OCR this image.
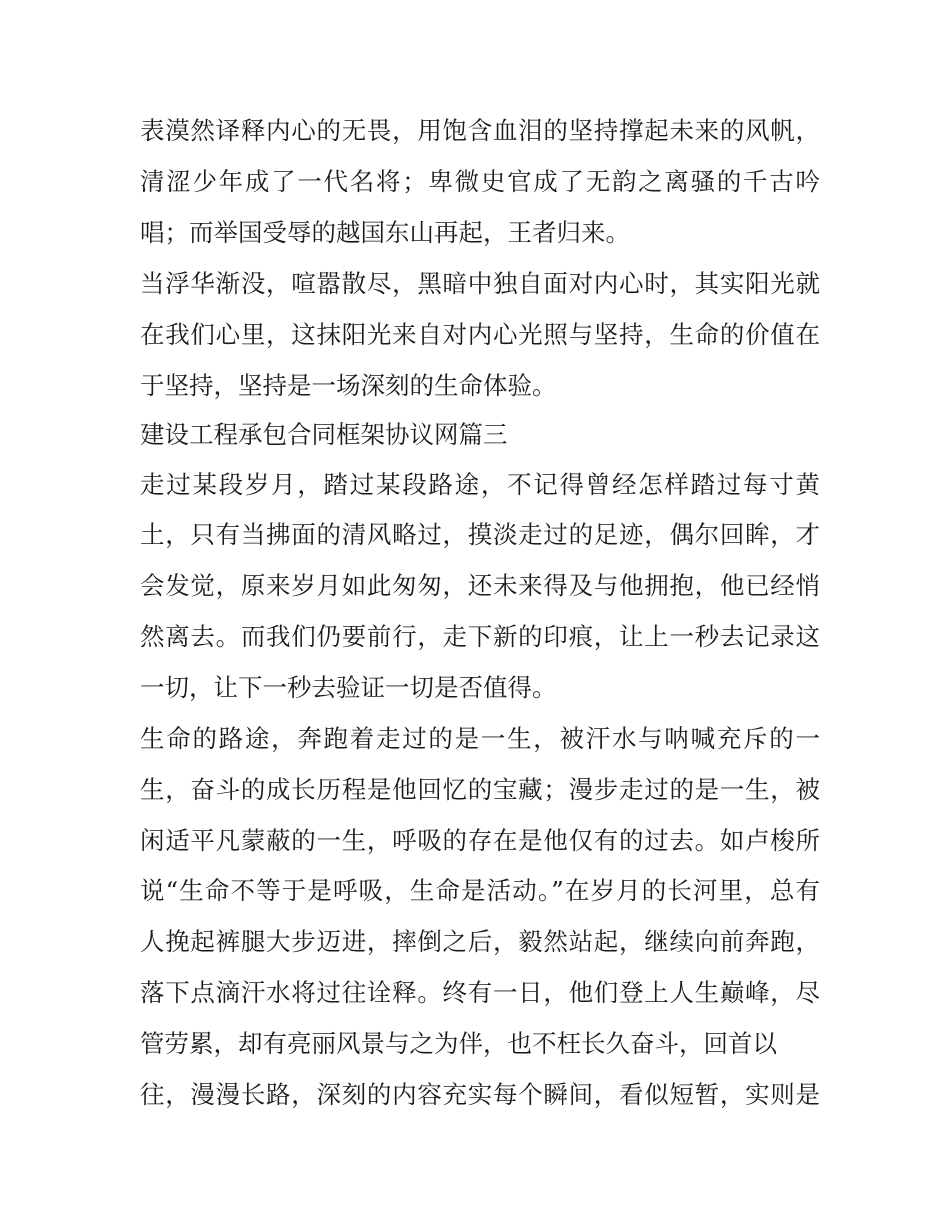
表漠然译释内心的无畏，用饱含血泪的坚持撑起未来的风帆，
清涩少年成了一代名将；卑微史官成了无韵之离骚的千古吟
唱；而举国受辱的越国东山再起，王者归来。
当浮华渐没，喧嚣散尽，黑暗中独自面对内心时，其实阳光就
在我们心里，这抹阳光来自对内心光照与坚持，生命的价值在
于坚持，坚持是一场深刻的生命体验。
建设工程承包合同框架协议网篇三
走过某段岁月，踏过某段路途，不记得曾经怎样踏过每寸黄
土，只有当拂面的清风略过，摸淡走过的足迹，偶尔回眸，才
会发觉，原来岁月如此匆匆，还未来得及与他拥抱，他已经悄
然离去。而我们仍要前行，走下新的印痕，让上一秒去记录这
一切，让下一秒去验证一切是否值得。
生命的路途，奔跑着走过的是一生，被汗水与呐喊充斥的一
生，奋斗的成长历程是他回忆的宝藏；漫步走过的是一生，被
闲适平凡蒙蔽的一生，呼吸的存在是他仅有的过去。如卢梭所
说“生命不等于是呼吸，生命是活动。”在岁月的长河里，总有
人挽起裤腿大步迈进，摔倒之后，毅然站起，继续向前奔跑，
落下点滴汗水将过往诠释。终有一日，他们登上人生巅峰，尽
管劳累，却有亮丽风景与之为伴，也不枉长久奋斗，回首以
往，漫漫长路，深刻的内容充实每个瞬间，看似短暂，实则是
